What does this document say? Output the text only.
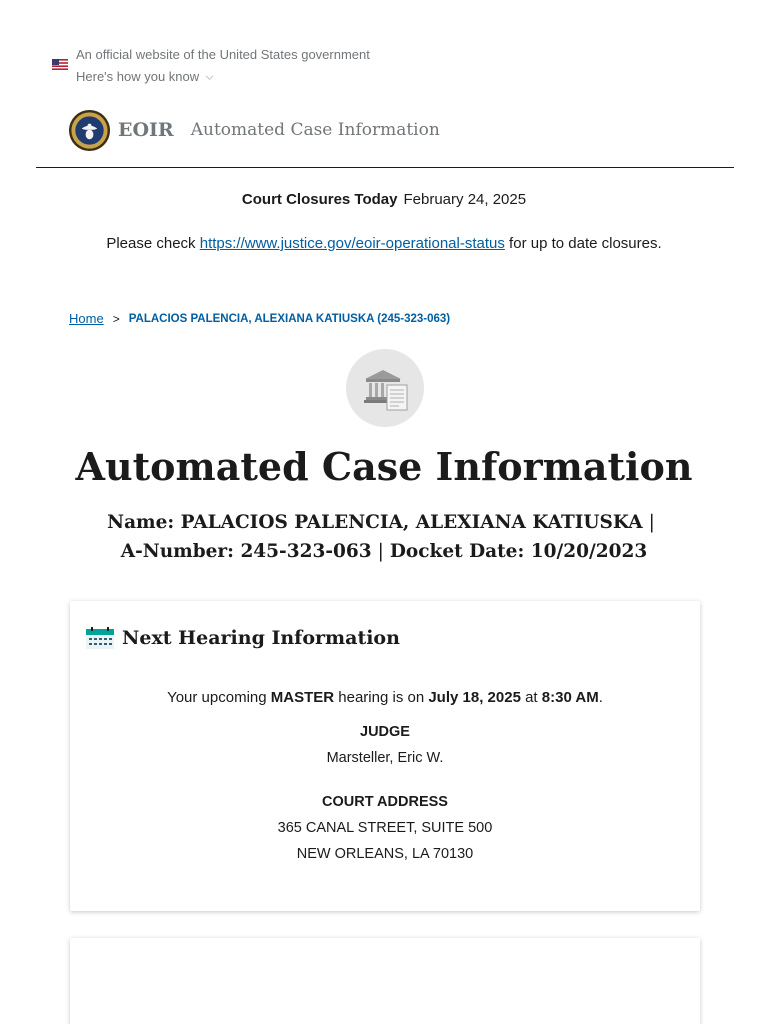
An official website of the United States government
Here's how you know
EOIR Automated Case Information
Court Closures Today February 24, 2025
Please check https://www.justice.gov/eoir-operational-status for up to date closures.
Home > PALACIOS PALENCIA, ALEXIANA KATIUSKA (245-323-063)
Automated Case Information
Name: PALACIOS PALENCIA, ALEXIANA KATIUSKA |
A-Number: 245-323-063 | Docket Date: 10/20/2023
Next Hearing Information
Your upcoming MASTER hearing is on July 18, 2025 at 8:30 AM.
JUDGE
Marsteller, Eric W.
COURT ADDRESS
365 CANAL STREET, SUITE 500
NEW ORLEANS, LA 70130
